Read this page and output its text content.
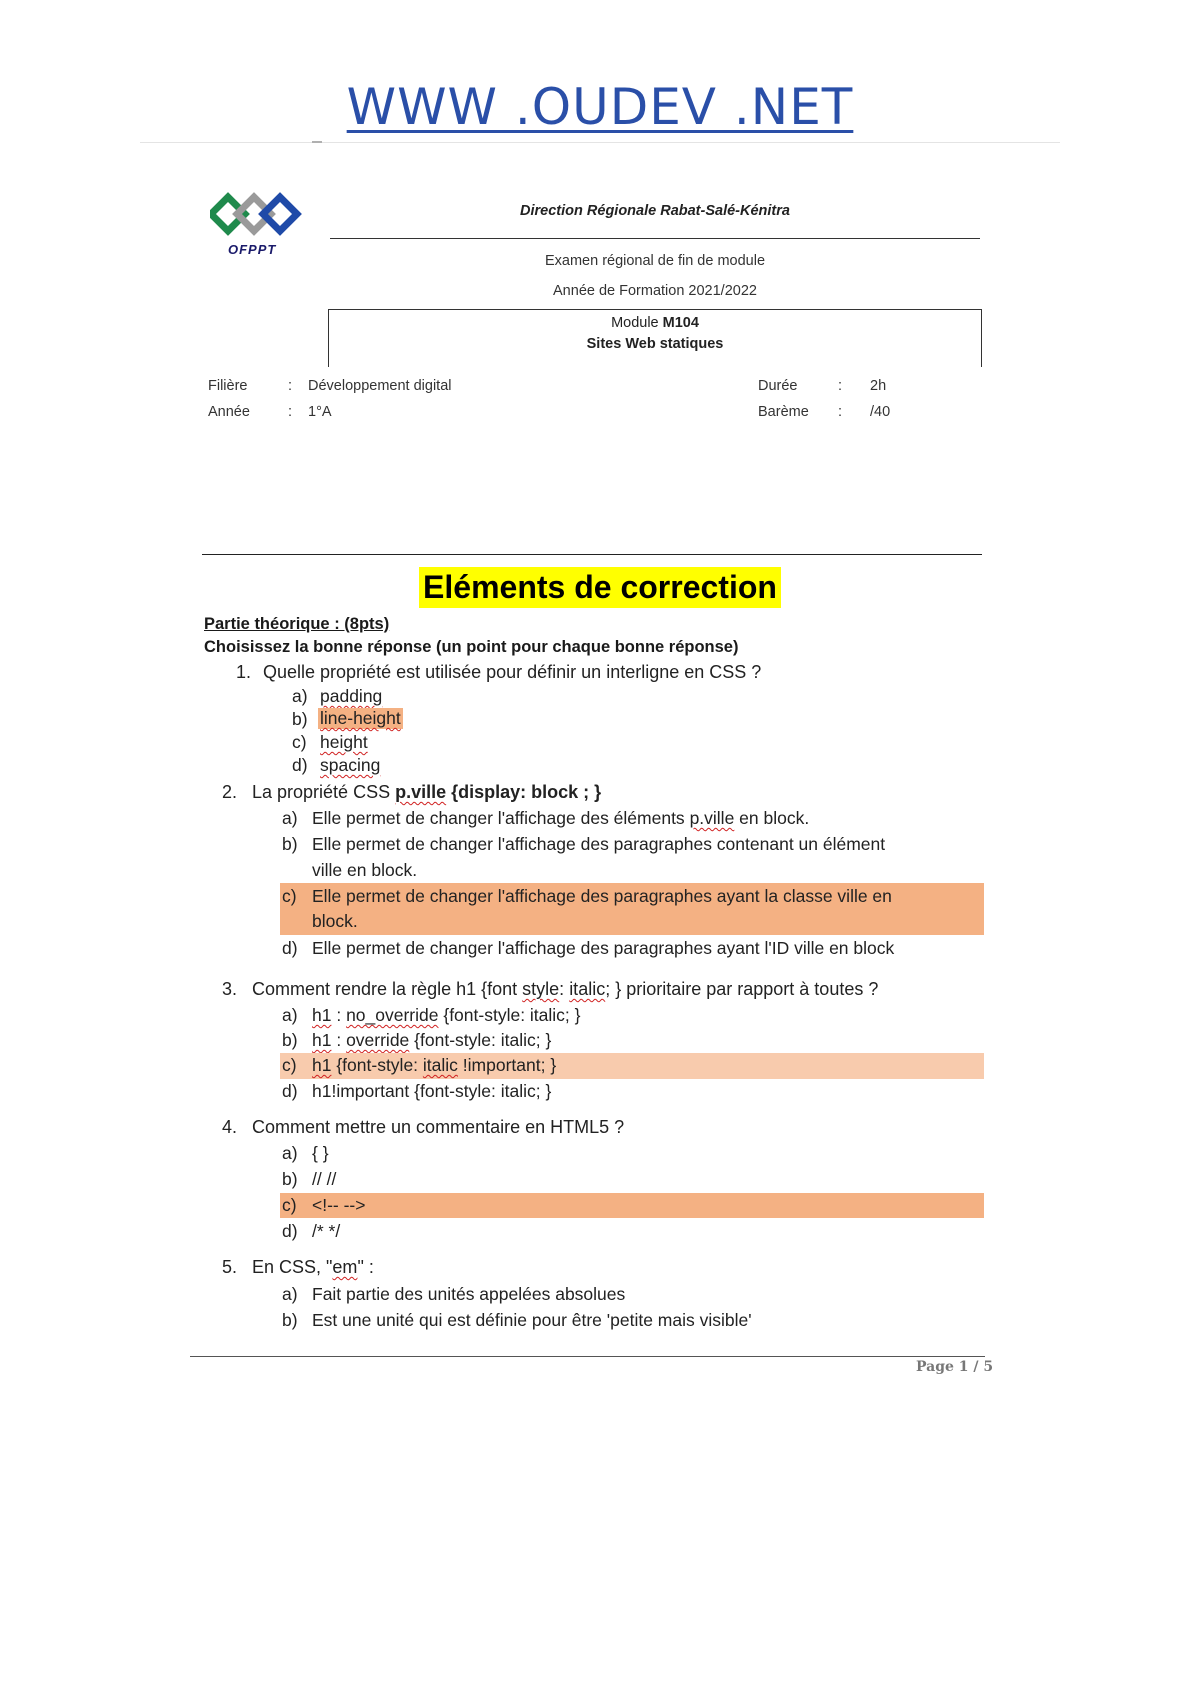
WWW .OUDEV .NET
OFPPT
Direction Régionale Rabat-Salé-Kénitra
Examen régional de fin de module
Année de Formation 2021/2022
Module M104
Sites Web statiques
Filière	: Développement digital
Année	: 1°A
Durée	: 2h
Barème : /40
Eléments de correction
Partie théorique : (8pts)
Choisissez la bonne réponse (un point pour chaque bonne réponse)
1. Quelle propriété est utilisée pour définir un interligne en CSS ?
a) padding
b) line-height
c) height
d) spacing
2. La propriété CSS p.ville {display: block ; }
a) Elle permet de changer l'affichage des éléments p.ville en block.
b) Elle permet de changer l'affichage des paragraphes contenant un élément
ville en block.
c) Elle permet de changer l'affichage des paragraphes ayant la classe ville en
block.
d) Elle permet de changer l'affichage des paragraphes ayant l'ID ville en block
3. Comment rendre la règle h1 {font style: italic; } prioritaire par rapport à toutes ?
a) h1 : no_override {font-style: italic; }
b) h1 : override {font-style: italic; }
c) h1 {font-style: italic !important; }
d) h1!important {font-style: italic; }
4. Comment mettre un commentaire en HTML5 ?
a) { }
b) // //
c) <!-- -->
d) /* */
5. En CSS, "em" :
a) Fait partie des unités appelées absolues
b) Est une unité qui est définie pour être 'petite mais visible'
Page 1 / 5
